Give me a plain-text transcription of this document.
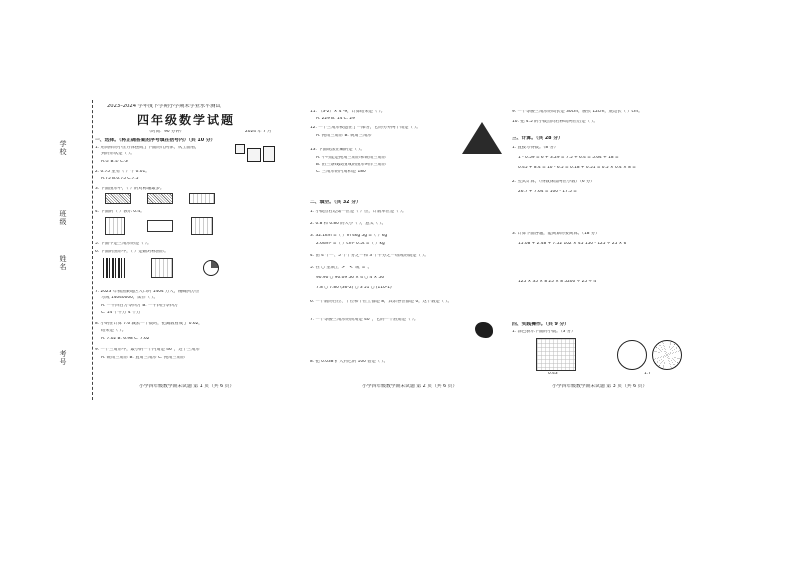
学校
班级
姓名
考号
2023–2024 学年度下学期小学期末学业水平测试
四年级数学试题
（时间：90 分钟）	2024 年 7 月
一、选择。（将正确答案的序号填在括号内）（共 10 分）
1. 用同样的小正方体摆成了下面的几何体，从上面看，
到的形状是（ ）。
A.① B.② C.③
2. 0.75 里有（ ）个 0.01。
A.75 B.0.75 C.7.5
3. 下面图形中，（ ）的对称轴最多。
4. 下面的（ ）表示 0.4。
5. 下面不是三角形的是（ ）。
6. 下面的图形中，（ ）是轴对称图形。
7. 2023 年我国某地区人口约 1404 万人，精确到万位
写成 14040000，读作（ ）。
A. 一千四百万零四万 B. 一千四百零四万
C. 14 个千万 4 个万
8. 小明在计算 7.6 减去一个数时，把减数看成了 0.62，
结果是（ ）。
A. 7.02 B. 6.98 C. 7.62
9. 一个三角形中，最小的一个内角是 46°，这个三角形
A. 锐角三角形 B. 直角三角形 C. 钝角三角形
小学四年级数学期末试题 第 1 页（共 6 页）
11. （3-2）× 4 -9，计算结果是（ ）。
A. 229 B. 14 C. 29
12. 一个三角形被遮住了一部分，它的另外两个角是（ ）。
A. 钝角三角形 B. 锐角三角形
13. 下面说法正确的是（ ）。
A. 不可能是钝角三角形和锐角三角形
B. 由三条线段围成的图形叫作三角形
C. 三角形的内角和是 180°
二、填空。（共 32 分）
1. 小数点右边第一位是（ ）位，计数单位是（ ）。
2. 0.8 和 0.80 的大小（ ），意义（ ）。
3. 32.1km =（ ）m 4kg 5g =（ ）kg
2.6dm² =（ ）cm² 0.5t =（ ）kg
4. 由 4 个一、5 个十分之一和 3 个千分之一组成的数是（ ）。
5. 在 ○ 里填上“>”“<”或“=”。
90.90 ○ 90.09 56 × 4 ○ 4 × 56
7.8 ○ 7.80 (36-2) ○ 3 51 ○ (110-1)
6. 一个数的百位、十位和个位上都是 8，其余各位都是 0，这个数是（ ）。
7. 一个等腰三角形的顶角是 40°，它的一个底角是（ ）。
8. 把 0.038 扩大到它的 100 倍是（ ）。
小学四年级数学期末试题 第 2 页（共 6 页）
9. 一个等腰三角形的周长是 30cm，腰长 12cm，底边长（ ）cm。
10. 把 4.5 的小数点向右移动两位后是（ ）。
三、计算。（共 28 分）
1. 直接写得数。（8 分）
1 - 0.59 = 6 + 3.29 = 7.5 + 6.4 = 5.64 + 18 =
0.45 + 8.4 = 10 - 6.5 = 0.18 + 0.51 = 0.5 × 0.4 × 8 =
2. 竖式计算，（得数保留两位小数）（6 分）
26.7 + 7.64 = 100 - 17.5 =
3. 计算下面各题，能简算的要简算。（18 分）
15.08 + 2.48 + 7.52 102 × 45 150 - 125 ÷ 25 × 6
125 × 35 × 8 25 × 8 5200 ÷ 25 ÷ 4
四、实践操作。（共 9 分）
1. 涂色表示下面的小数。（3 分）
0.43	1.7
小学四年级数学期末试题 第 3 页（共 6 页）
